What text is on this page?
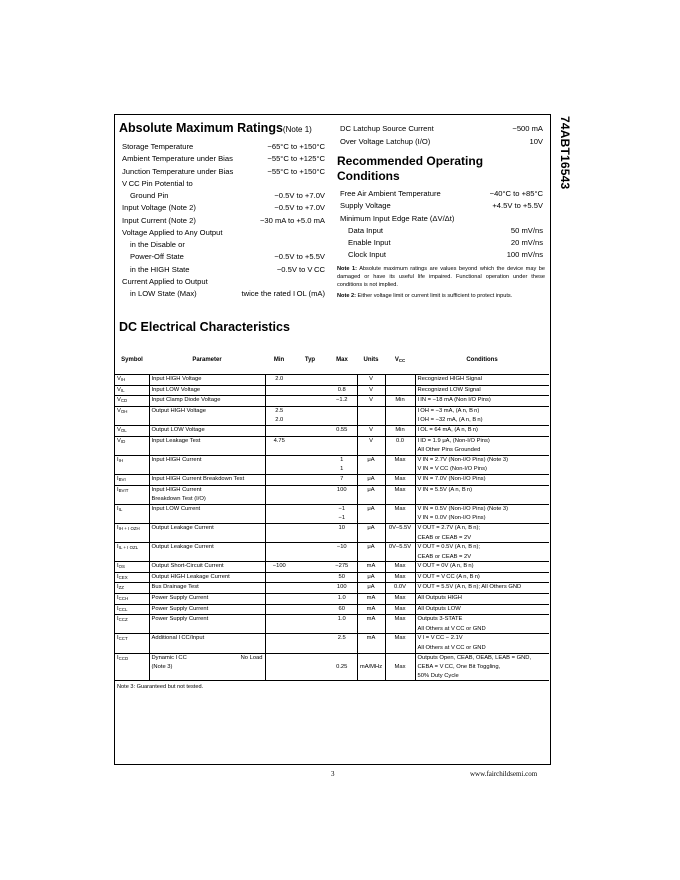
74ABT16543
Absolute Maximum Ratings(Note 1)
Storage Temperature	−65°C to +150°C
Ambient Temperature under Bias	−55°C to +125°C
Junction Temperature under Bias	−55°C to +150°C
V CC Pin Potential to
Ground Pin	−0.5V to +7.0V
Input Voltage (Note 2)	−0.5V to +7.0V
Input Current (Note 2)	−30 mA to +5.0 mA
Voltage Applied to Any Output
in the Disable or
Power-Off State	−0.5V to +5.5V
in the HIGH State	−0.5V to V CC
Current Applied to Output
in LOW State (Max)	twice the rated I OL (mA)
DC Latchup Source Current	−500 mA
Over Voltage Latchup (I/O)	10V
Recommended Operating Conditions
Free Air Ambient Temperature	−40°C to +85°C
Supply Voltage	+4.5V to +5.5V
Minimum Input Edge Rate (ΔV/Δt)
Data Input	50 mV/ns
Enable Input	20 mV/ns
Clock Input	100 mV/ns

Note 1: Absolute maximum ratings are values beyond which the device may be damaged or have its useful life impaired. Functional operation under these conditions is not implied.

Note 2: Either voltage limit or current limit is sufficient to protect inputs.

DC Electrical Characteristics
Symbol	Parameter	Min	Typ	Max	Units	$V_{CC}$	Conditions
$V_{IH}$	Input HIGH Voltage	2.0			V		Recognized HIGH Signal
$V_{IL}$	Input LOW Voltage			0.8	V		Recognized LOW Signal
$V_{CD}$	Input Clamp Diode Voltage			−1.2	V	Min	I IN = −18 mA (Non I/O Pins)
$V_{OH}$	Output HIGH Voltage	2.5					I OH = −3 mA, (A n, B n)
		2.0					I OH = −32 mA, (A n, B n)
$V_{OL}$	Output LOW Voltage			0.55	V	Min	I OL = 64 mA, (A n, B n)
$V_{ID}$	Input Leakage Test	4.75			V	0.0	I ID = 1.9 μA, (Non-I/O Pins)
							All Other Pins Grounded
$I_{IH}$	Input HIGH Current			1	μA	Max	V IN = 2.7V (Non-I/O Pins) (Note 3)
				1			V IN = V CC (Non-I/O Pins)
$I_{BVI}$	Input HIGH Current Breakdown Test			7	μA	Max	V IN = 7.0V (Non-I/O Pins)
$I_{BVIT}$	Input HIGH Current			100	μA	Max	V IN = 5.5V (A n, B n)
	Breakdown Test (I/O)						
$I_{IL}$	Input LOW Current			−1	μA	Max	V IN = 0.5V (Non-I/O Pins) (Note 3)
				−1			V IN = 0.0V (Non-I/O Pins)
$I_{IH + I OZH}$	Output Leakage Current			10	μA	0V–5.5V	V OUT = 2.7V (A n, B n);
							CEAB or CEAB = 2V
$I_{IL + I OZL}$	Output Leakage Current			−10	μA	0V–5.5V	V OUT = 0.5V (A n, B n);
							CEAB or CEAB = 2V
$I_{OS}$	Output Short-Circuit Current	−100		−275	mA	Max	V OUT = 0V (A n, B n)
$I_{CEX}$	Output HIGH Leakage Current			50	μA	Max	V OUT = V CC (A n, B n)
$I_{ZZ}$	Bus Drainage Test			100	μA	0.0V	V OUT = 5.5V (A n, B n); All Others GND
$I_{CCH}$	Power Supply Current			1.0	mA	Max	All Outputs HIGH
$I_{CCL}$	Power Supply Current			60	mA	Max	All Outputs LOW
$I_{CCZ}$	Power Supply Current			1.0	mA	Max	Outputs 3-STATE
							All Others at V CC or GND
$I_{CCT}$	Additional I CC/Input			2.5	mA	Max	V I = V CC − 2.1V
							All Others at V CC or GND
$I_{CCD}$	Dynamic I CC No Load						Outputs Open, CEAB, OEAB, LEAB = GND,
	(Note 3)			0.25	mA/MHz	Max	CEBA = V CC, One Bit Toggling,
							50% Duty Cycle
Note 3: Guaranteed but not tested.							
3	www.fairchildsemi.com
